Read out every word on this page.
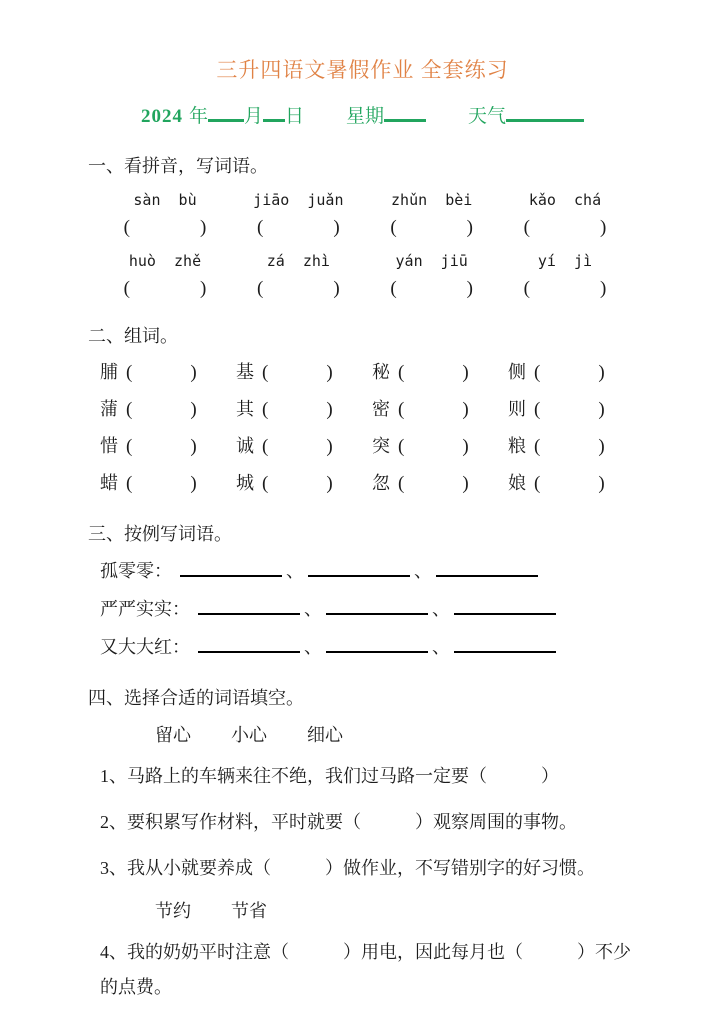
三升四语文暑假作业 全套练习
2024 年 月 日 星期	天气
一、看拼音，写词语。
sàn  bù	jiāo  juǎn	zhǔn  bèi	kǎo  chá
(	)	(	)	(	)	(	)
huò  zhě	zá  zhì	yán  jiū	yí  jì
(	)	(	)	(	)	(	)
二、组词。
脯 (	) 基 (	) 秘 (	) 侧 (	)
蒲 (	) 其 (	) 密 (	) 则 (	)
惜 (	) 诚 (	) 突 (	) 粮 (	)
蜡 (	) 城 (	) 忽 (	) 娘 (	)
三、按例写词语。
孤零零：	、	、
严严实实：	、	、
又大大红：	、	、
四、选择合适的词语填空。
留心 小心 细心

1、马路上的车辆来往不绝，我们过马路一定要（　　　）

2、要积累写作材料，平时就要（　　　）观察周围的事物。

3、我从小就要养成（　　　）做作业，不写错别字的好习惯。

节约 节省

4、我的奶奶平时注意（　　　）用电，因此每月也（　　　）不少的点费。
